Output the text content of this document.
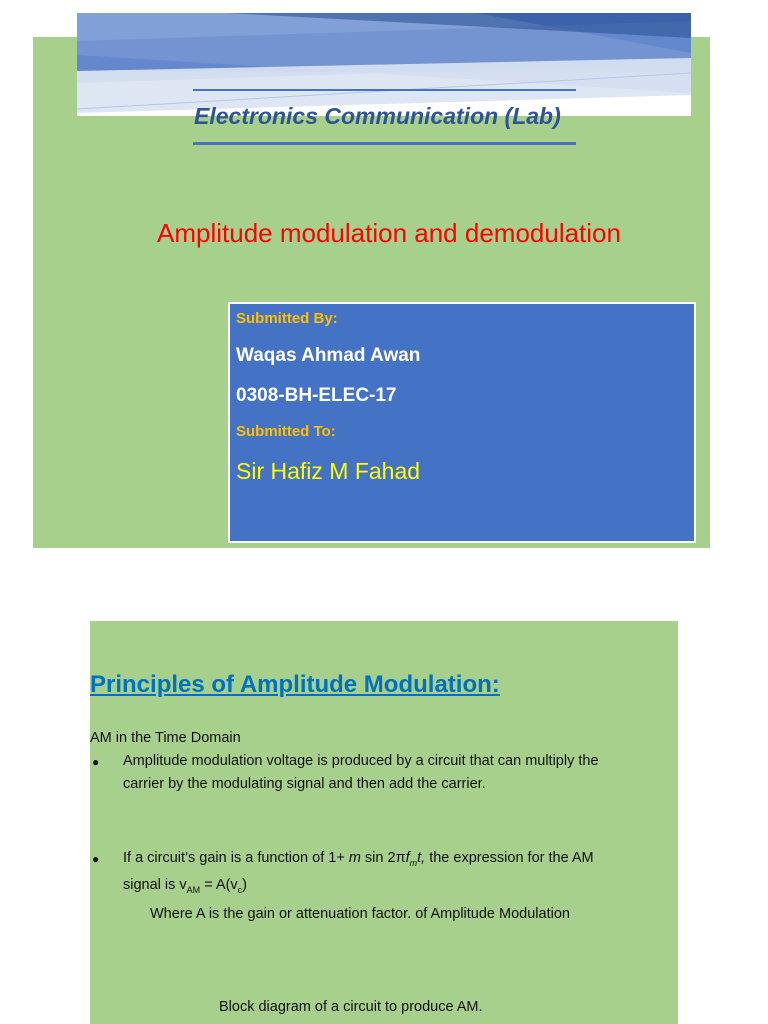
Electronics Communication (Lab)
Amplitude modulation and demodulation
Submitted By:
Waqas Ahmad Awan
0308-BH-ELEC-17
Submitted To:
Sir Hafiz M Fahad
Principles of Amplitude Modulation:
AM in the Time Domain
● Amplitude modulation voltage is produced by a circuit that can multiply the
carrier by the modulating signal and then add the carrier.
● If a circuit’s gain is a function of 1+ m $\sin 2\pi f_mt$, the expression for the AM
signal is $v_{AM} = A(v_c)$
Where A is the gain or attenuation factor. of Amplitude Modulation
Block diagram of a circuit to produce AM.
